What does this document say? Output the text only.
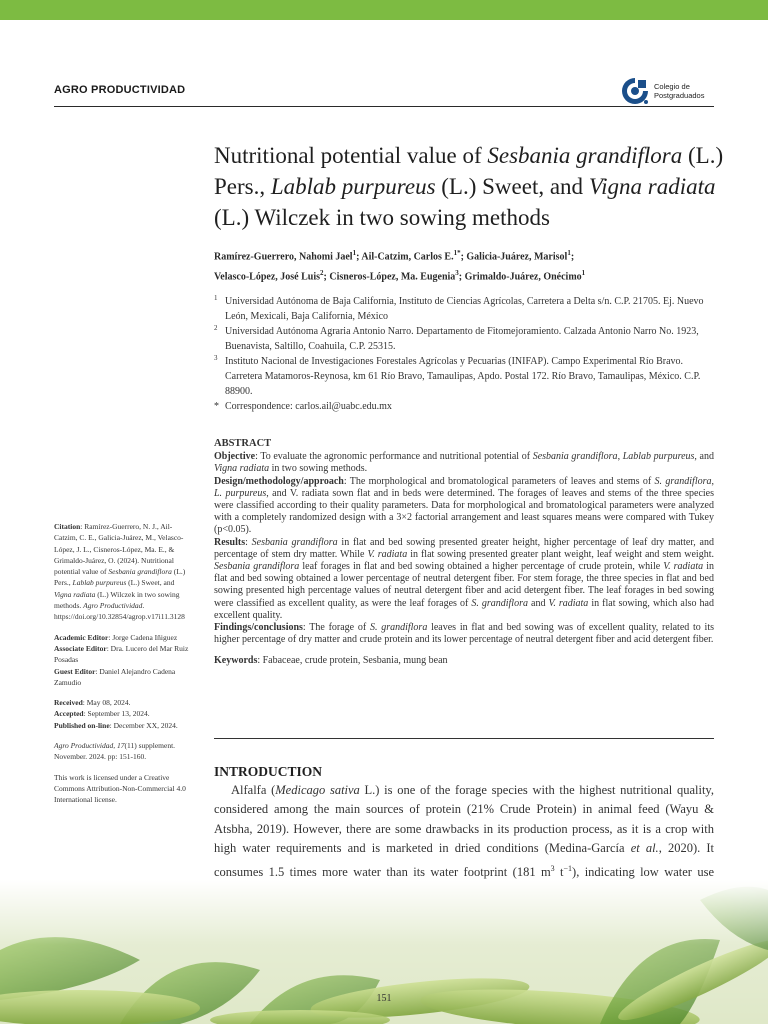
AGRO PRODUCTIVIDAD	Colegio de
Postgraduados
Nutritional potential value of Sesbania grandiflora (L.) Pers., Lablab purpureus (L.) Sweet, and Vigna radiata (L.) Wilczek in two sowing methods
Ramírez-Guerrero, Nahomi Jael$^1$; Ail-Catzim, Carlos E.$^{1*}$; Galicia-Juárez, Marisol$^1$;
Velasco-López, José Luis$^2$; Cisneros-López, Ma. Eugenia$^3$; Grimaldo-Juárez, Onécimo$^1$
1 Universidad Autónoma de Baja California, Instituto de Ciencias Agrícolas, Carretera a Delta s/n. C.P. 21705. Ej. Nuevo León, Mexicali, Baja California, México
2 Universidad Autónoma Agraria Antonio Narro. Departamento de Fitomejoramiento. Calzada Antonio Narro No. 1923, Buenavista, Saltillo, Coahuila, C.P. 25315.
3 Instituto Nacional de Investigaciones Forestales Agrícolas y Pecuarias (INIFAP). Campo Experimental Río Bravo. Carretera Matamoros-Reynosa, km 61 Río Bravo, Tamaulipas, Apdo. Postal 172. Río Bravo, Tamaulipas, México. C.P. 88900.
* Correspondence: carlos.ail@uabc.edu.mx
ABSTRACT
Objective: To evaluate the agronomic performance and nutritional potential of Sesbania grandiflora, Lablab purpureus, and Vigna radiata in two sowing methods.
Design/methodology/approach: The morphological and bromatological parameters of leaves and stems of S. grandiflora, L. purpureus, and V. radiata sown flat and in beds were determined. The forages of leaves and stems of the three species were classified according to their quality parameters. Data for morphological and bromatological parameters were analyzed with a completely randomized design with a 3×2 factorial arrangement and least squares means were compared with Tukey (p<0.05).
Results: Sesbania grandiflora in flat and bed sowing presented greater height, higher percentage of leaf dry matter, and percentage of stem dry matter. While V. radiata in flat sowing presented greater plant weight, leaf weight and stem weight. Sesbania grandiflora leaf forages in flat and bed sowing obtained a higher percentage of crude protein, while V. radiata in flat and bed sowing obtained a lower percentage of neutral detergent fiber. For stem forage, the three species in flat and bed sowing presented high percentage values of neutral detergent fiber and acid detergent fiber. The leaf forages in bed sowing were classified as excellent quality, as were the leaf forages of S. grandiflora and V. radiata in flat sowing, which also had excellent quality.
Findings/conclusions: The forage of S. grandiflora leaves in flat and bed sowing was of excellent quality, related to its higher percentage of dry matter and crude protein and its lower percentage of neutral detergent fiber and acid detergent fiber.
Keywords: Fabaceae, crude protein, Sesbania, mung bean
INTRODUCTION

Alfalfa (Medicago sativa L.) is one of the forage species with the highest nutritional quality, considered among the main sources of protein (21% Crude Protein) in animal feed (Wayu & Atsbha, 2019). However, there are some drawbacks in its production process, as it is a crop with high water requirements and is marketed in dried conditions (Medina-García et al., 2020). It consumes 1.5 times more water than its water footprint (181 $m^3$ $t^{-1}$), indicating low water use

Citation: Ramírez-Guerrero, N. J., Ail-Catzim, C. E., Galicia-Juárez, M., Velasco-López, J. L., Cisneros-López, Ma. E., & Grimaldo-Juárez, O. (2024). Nutritional potential value of Sesbania grandiflora (L.) Pers., Lablab purpureus (L.) Sweet, and Vigna radiata (L.) Wilczek in two sowing methods. Agro Productividad. https://doi.org/10.32854/agrop.v17i11.3128
Academic Editor: Jorge Cadena Iñiguez
Associate Editor: Dra. Lucero del Mar Ruiz Posadas
Guest Editor: Daniel Alejandro Cadena Zamudio
Received: May 08, 2024.
Accepted: September 13, 2024.
Published on-line: December XX, 2024.
Agro Productividad, 17(11) supplement. November. 2024. pp: 151-160.
This work is licensed under a Creative Commons Attribution-Non-Commercial 4.0 International license.
151
